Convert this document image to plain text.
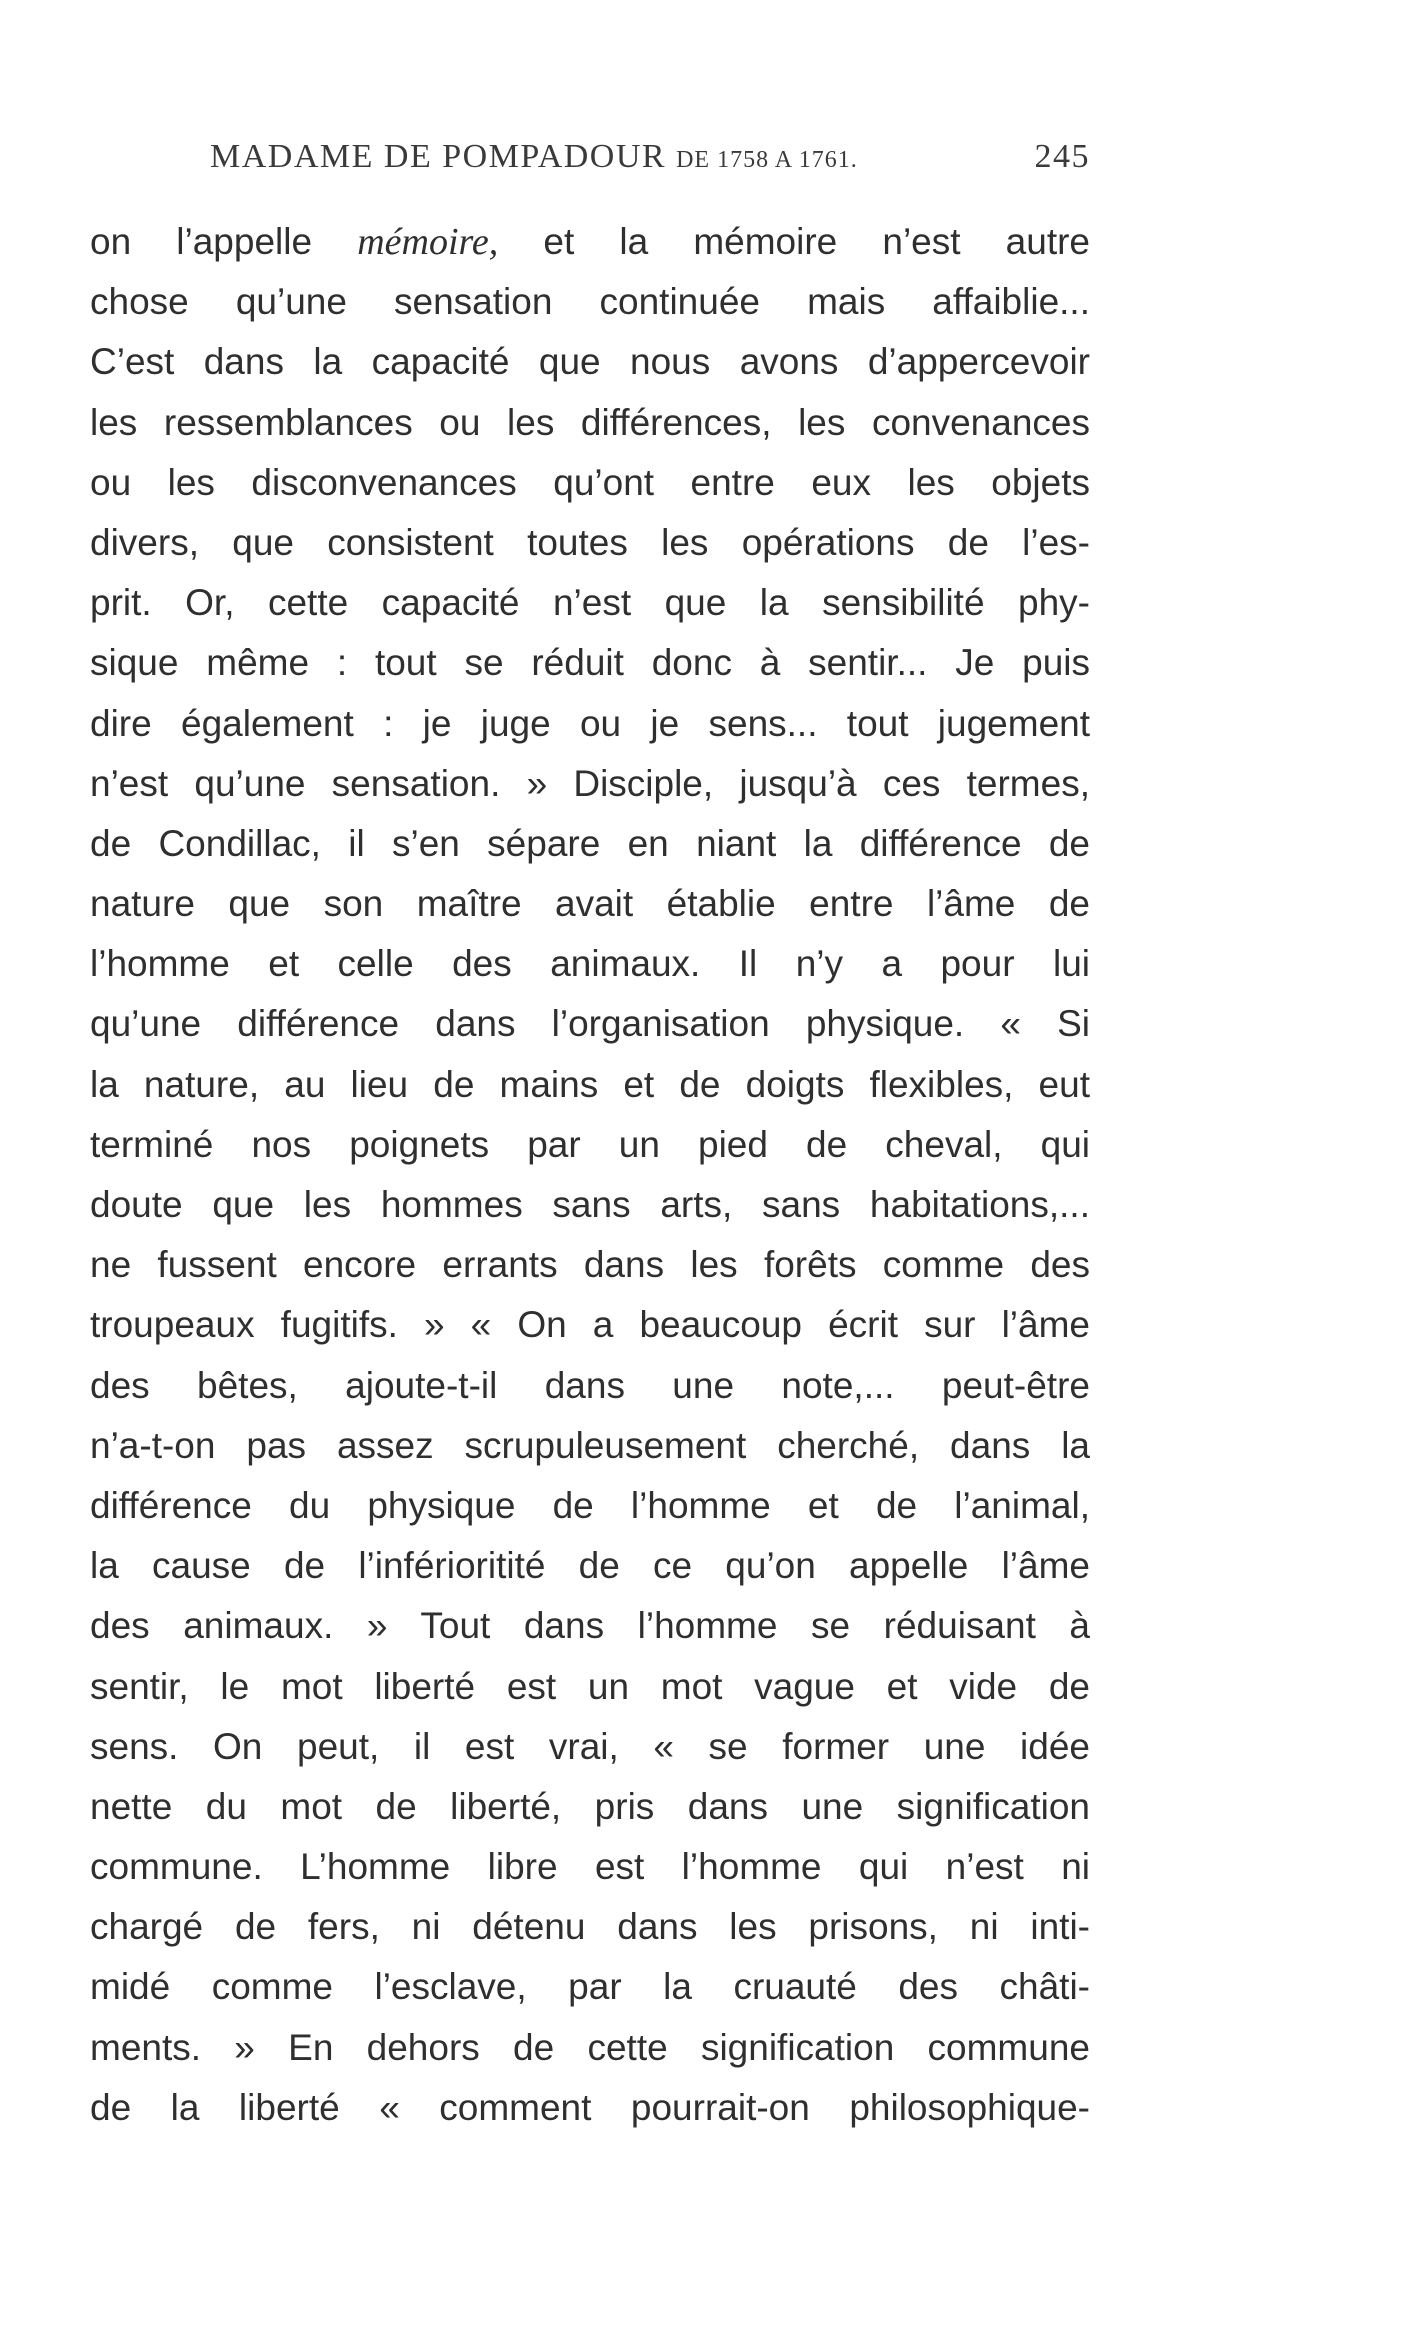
MADAME DE POMPADOUR DE 1758 A 1761.	245
on l’appelle mémoire, et la mémoire n’est autre
chose qu’une sensation continuée mais affaiblie...
C’est dans la capacité que nous avons d’appercevoir
les ressemblances ou les différences, les convenances
ou les disconvenances qu’ont entre eux les objets
divers, que consistent toutes les opérations de l’es-
prit. Or, cette capacité n’est que la sensibilité phy-
sique même : tout se réduit donc à sentir... Je puis
dire également : je juge ou je sens... tout jugement
n’est qu’une sensation. » Disciple, jusqu’à ces termes,
de Condillac, il s’en sépare en niant la différence de
nature que son maître avait établie entre l’âme de
l’homme et celle des animaux. Il n’y a pour lui
qu’une différence dans l’organisation physique. « Si
la nature, au lieu de mains et de doigts flexibles, eut
terminé nos poignets par un pied de cheval, qui
doute que les hommes sans arts, sans habitations,...
ne fussent encore errants dans les forêts comme des
troupeaux fugitifs. » « On a beaucoup écrit sur l’âme
des bêtes, ajoute-t-il dans une note,... peut-être
n’a-t-on pas assez scrupuleusement cherché, dans la
différence du physique de l’homme et de l’animal,
la cause de l’inférioritité de ce qu’on appelle l’âme
des animaux. » Tout dans l’homme se réduisant à
sentir, le mot liberté est un mot vague et vide de
sens. On peut, il est vrai, « se former une idée
nette du mot de liberté, pris dans une signification
commune. L’homme libre est l’homme qui n’est ni
chargé de fers, ni détenu dans les prisons, ni inti-
midé comme l’esclave, par la cruauté des châti-
ments. » En dehors de cette signification commune
de la liberté « comment pourrait-on philosophique-
